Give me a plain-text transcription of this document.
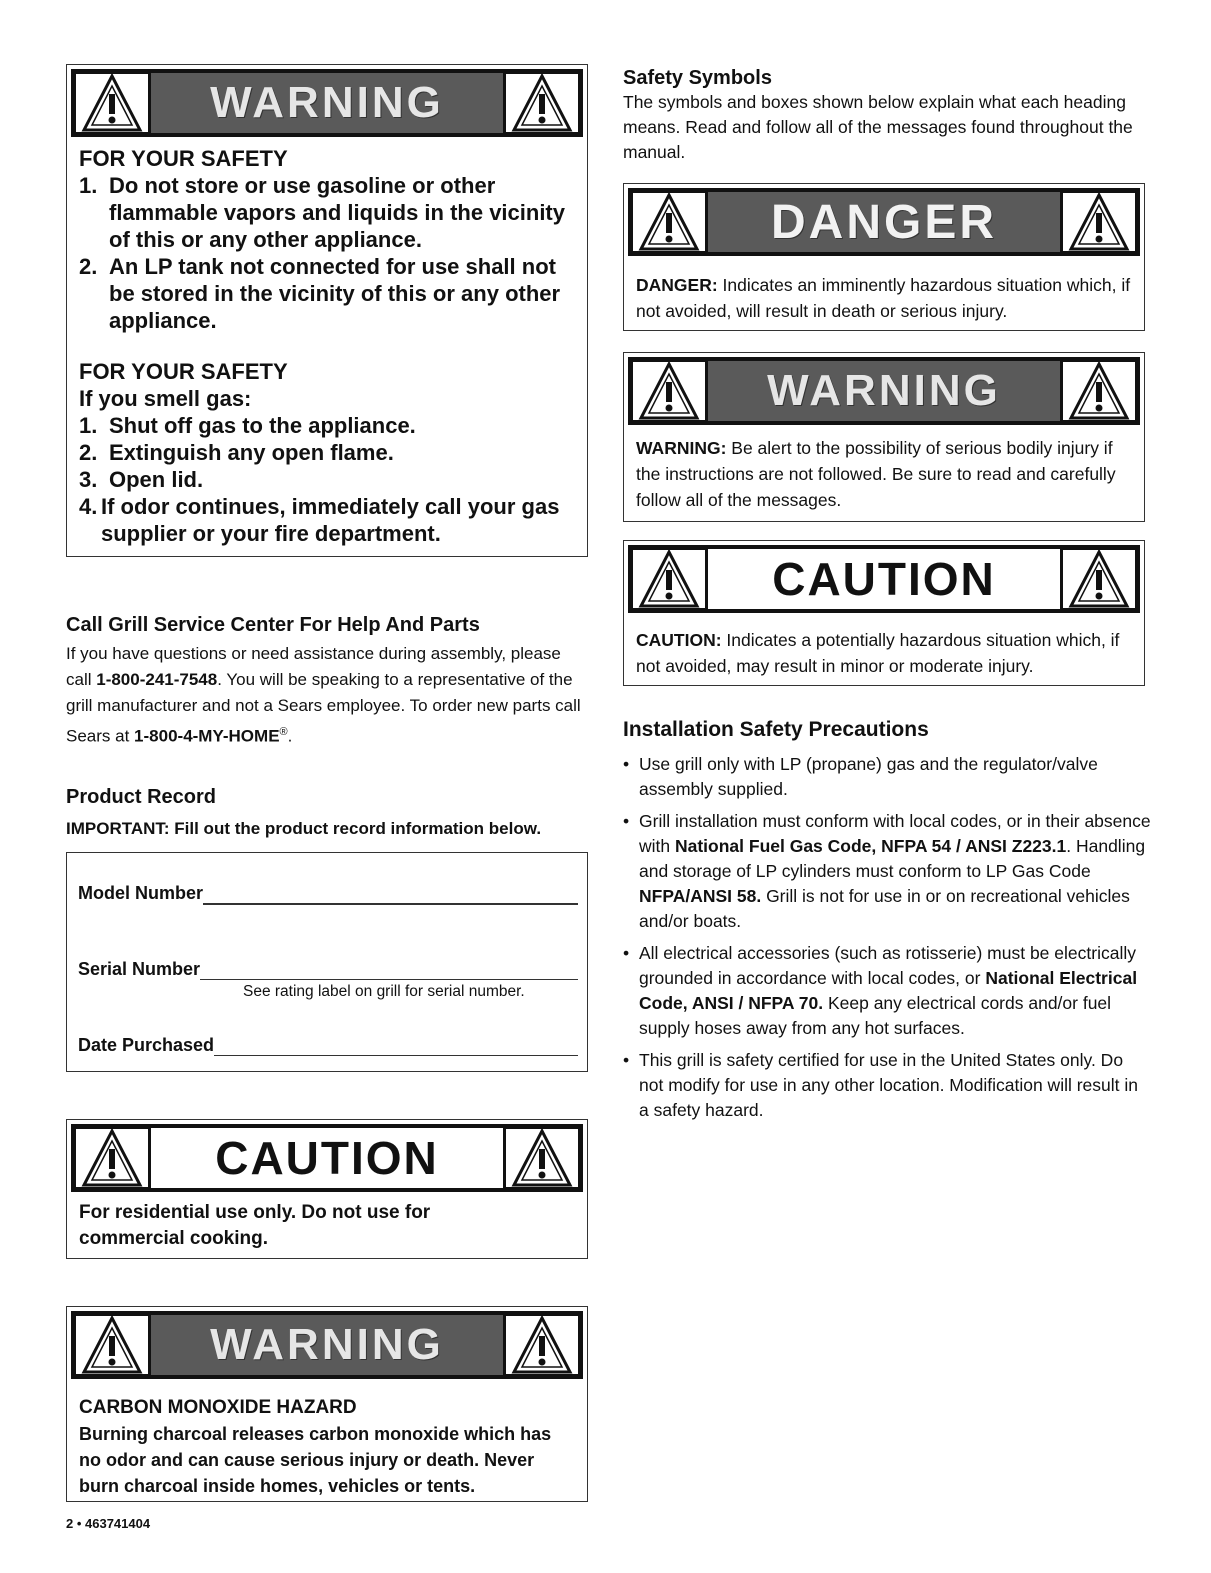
WARNING
FOR YOUR SAFETY
1. Do not store or use gasoline or other flammable vapors and liquids in the vicinity of this or any other appliance.
2. An LP tank not connected for use shall not be stored in the vicinity of this or any other appliance.
FOR YOUR SAFETY
If you smell gas:
1. Shut off gas to the appliance.
2. Extinguish any open flame.
3. Open lid.
4. If odor continues, immediately call your gas supplier or your fire department.
Call Grill Service Center For Help And Parts
If you have questions or need assistance during assembly, please call 1-800-241-7548. You will be speaking to a representative of the grill manufacturer and not a Sears employee. To order new parts call Sears at 1-800-4-MY-HOME®.
Product Record
IMPORTANT: Fill out the product record information below.
Model Number
Serial Number
See rating label on grill for serial number.
Date Purchased
CAUTION
For residential use only. Do not use for commercial cooking.
WARNING
CARBON MONOXIDE HAZARD
Burning charcoal releases carbon monoxide which has no odor and can cause serious injury or death. Never burn charcoal inside homes, vehicles or tents.
2 • 463741404
Safety Symbols
The symbols and boxes shown below explain what each heading means. Read and follow all of the messages found throughout the manual.
DANGER
DANGER: Indicates an imminently hazardous situation which, if not avoided, will result in death or serious injury.
WARNING
WARNING: Be alert to the possibility of serious bodily injury if the instructions are not followed. Be sure to read and carefully follow all of the messages.
CAUTION
CAUTION: Indicates a potentially hazardous situation which, if not avoided, may result in minor or moderate injury.
Installation Safety Precautions
• Use grill only with LP (propane) gas and the regulator/valve assembly supplied.
• Grill installation must conform with local codes, or in their absence with National Fuel Gas Code, NFPA 54 / ANSI Z223.1. Handling and storage of LP cylinders must conform to LP Gas Code NFPA/ANSI 58. Grill is not for use in or on recreational vehicles and/or boats.
• All electrical accessories (such as rotisserie) must be electrically grounded in accordance with local codes, or National Electrical Code, ANSI / NFPA 70. Keep any electrical cords and/or fuel supply hoses away from any hot surfaces.
• This grill is safety certified for use in the United States only. Do not modify for use in any other location. Modification will result in a safety hazard.
